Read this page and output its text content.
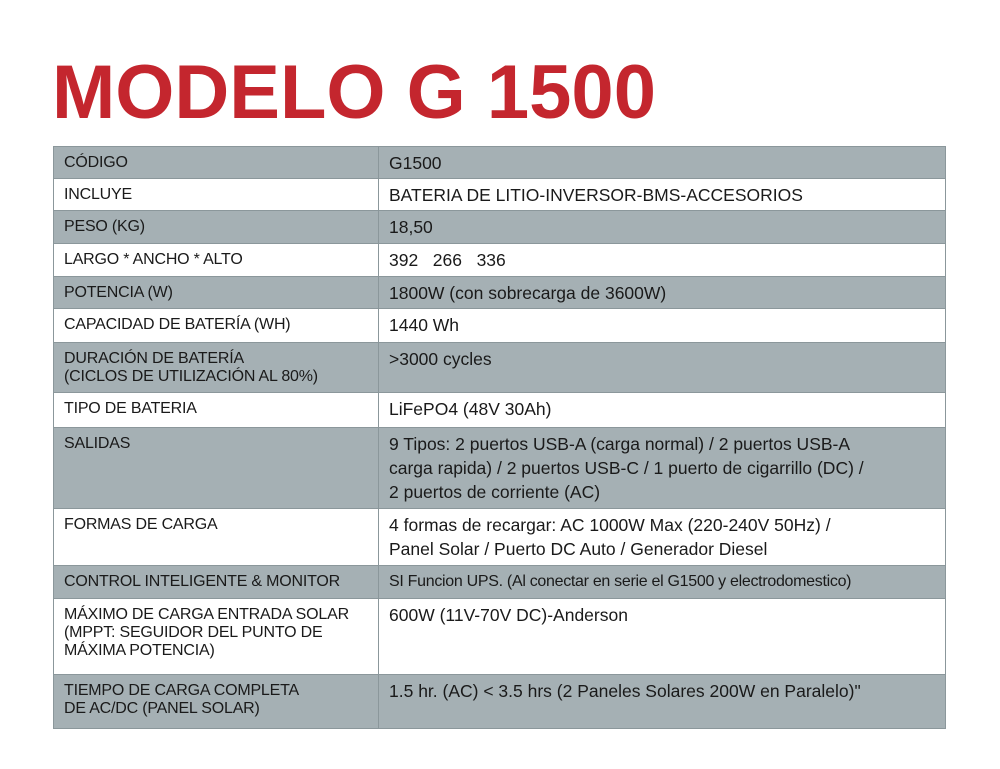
MODELO G 1500
CÓDIGO	G1500
INCLUYE	BATERIA DE LITIO-INVERSOR-BMS-ACCESORIOS
PESO (KG)	18,50
LARGO * ANCHO * ALTO	392   266   336
POTENCIA (W)	1800W (con sobrecarga de 3600W)
CAPACIDAD DE BATERÍA (WH)	1440 Wh

DURACIÓN DE BATERÍA
(CICLOS DE UTILIZACIÓN AL 80%)	>3000 cycles
TIPO DE BATERIA	LiFePO4 (48V 30Ah)
SALIDAS	9 Tipos: 2 puertos USB-A (carga normal) / 2 puertos USB-A
carga rapida) / 2 puertos USB-C / 1 puerto de cigarrillo (DC) /
2 puertos de corriente (AC)

FORMAS DE CARGA	4 formas de recargar: AC 1000W Max (220-240V 50Hz) /
Panel Solar / Puerto DC Auto / Generador Diesel

CONTROL INTELIGENTE & MONITOR	SI Funcion UPS. (Al conectar en serie el G1500 y electrodomestico)

MÁXIMO DE CARGA ENTRADA SOLAR
(MPPT: SEGUIDOR DEL PUNTO DE
MÁXIMA POTENCIA)	600W (11V-70V DC)-Anderson

TIEMPO DE CARGA COMPLETA
DE AC/DC (PANEL SOLAR)	1.5 hr. (AC) < 3.5 hrs (2 Paneles Solares 200W en Paralelo)"
